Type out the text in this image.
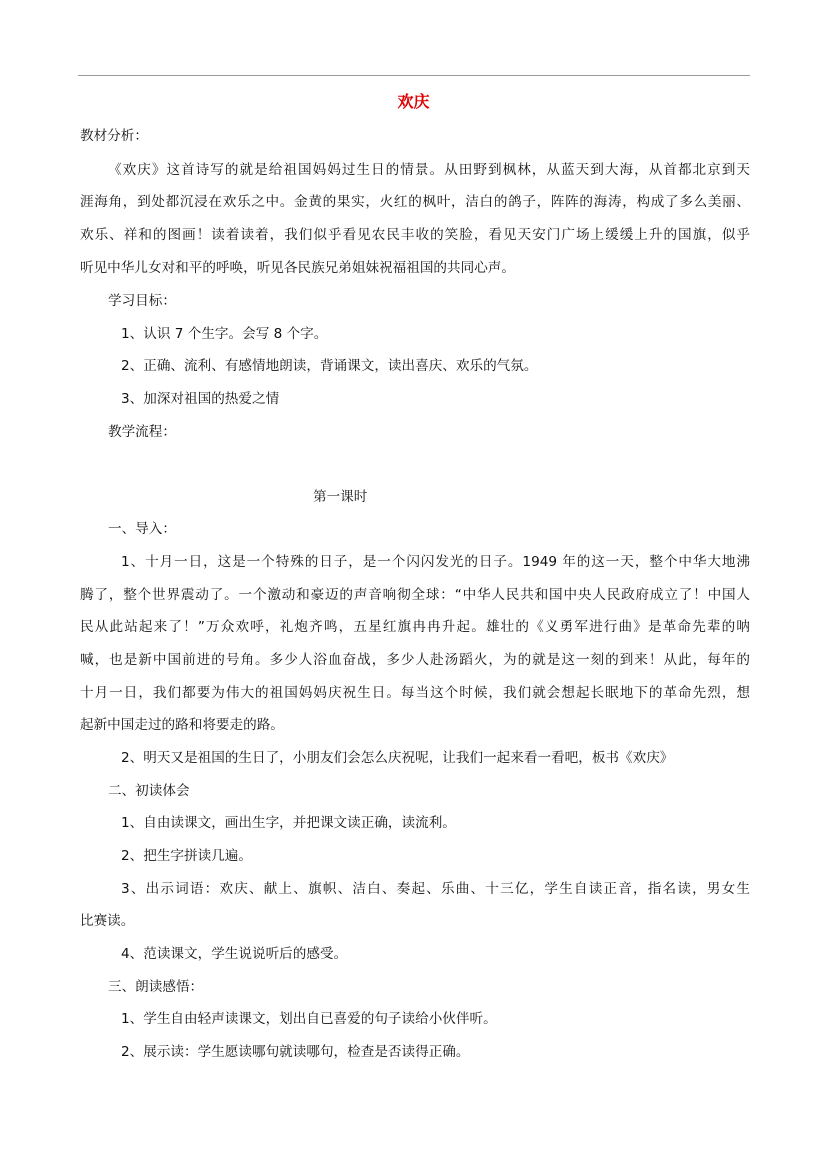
欢庆
教材分析：
《欢庆》这首诗写的就是给祖国妈妈过生日的情景。从田野到枫林，从蓝天到大海，从首都北京到天
涯海角，到处都沉浸在欢乐之中。金黄的果实，火红的枫叶，洁白的鸽子，阵阵的海涛，构成了多么美丽、
欢乐、祥和的图画！读着读着，我们似乎看见农民丰收的笑脸，看见天安门广场上缓缓上升的国旗，似乎
听见中华儿女对和平的呼唤，听见各民族兄弟姐妹祝福祖国的共同心声。
学习目标：
1、认识 7 个生字。会写 8 个字。
2、正确、流利、有感情地朗读，背诵课文，读出喜庆、欢乐的气氛。
3、加深对祖国的热爱之情
教学流程：
第一课时
一、导入：
1、十月一日，这是一个特殊的日子，是一个闪闪发光的日子。1949 年的这一天，整个中华大地沸
腾了，整个世界震动了。一个激动和豪迈的声音响彻全球：“中华人民共和国中央人民政府成立了！中国人
民从此站起来了！”万众欢呼，礼炮齐鸣，五星红旗冉冉升起。雄壮的《义勇军进行曲》是革命先辈的呐
喊，也是新中国前进的号角。多少人浴血奋战，多少人赴汤蹈火，为的就是这一刻的到来！从此，每年的
十月一日，我们都要为伟大的祖国妈妈庆祝生日。每当这个时候，我们就会想起长眠地下的革命先烈，想
起新中国走过的路和将要走的路。
2、明天又是祖国的生日了，小朋友们会怎么庆祝呢，让我们一起来看一看吧，板书《欢庆》
二、初读体会
1、自由读课文，画出生字，并把课文读正确，读流利。
2、把生字拼读几遍。
3、出示词语：欢庆、献上、旗帜、洁白、奏起、乐曲、十三亿，学生自读正音，指名读，男女生
比赛读。
4、范读课文，学生说说听后的感受。
三、朗读感悟：
1、学生自由轻声读课文，划出自已喜爱的句子读给小伙伴听。
2、展示读：学生愿读哪句就读哪句，检查是否读得正确。
